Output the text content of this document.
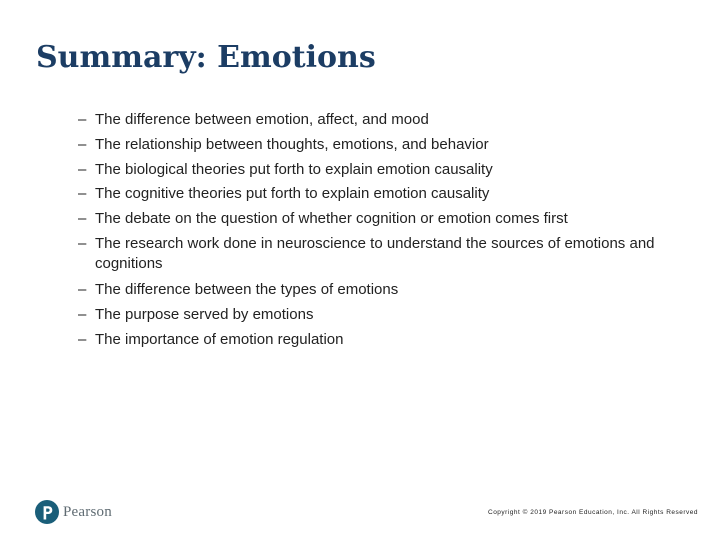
Summary: Emotions
– The difference between emotion, affect, and mood
– The relationship between thoughts, emotions, and behavior
– The biological theories put forth to explain emotion causality
– The cognitive theories put forth to explain emotion causality
– The debate on the question of whether cognition or emotion comes first
– The research work done in neuroscience to understand the sources of emotions and cognitions
– The difference between the types of emotions
– The purpose served by emotions
– The importance of emotion regulation
Pearson	Copyright © 2019 Pearson Education, Inc. All Rights Reserved
